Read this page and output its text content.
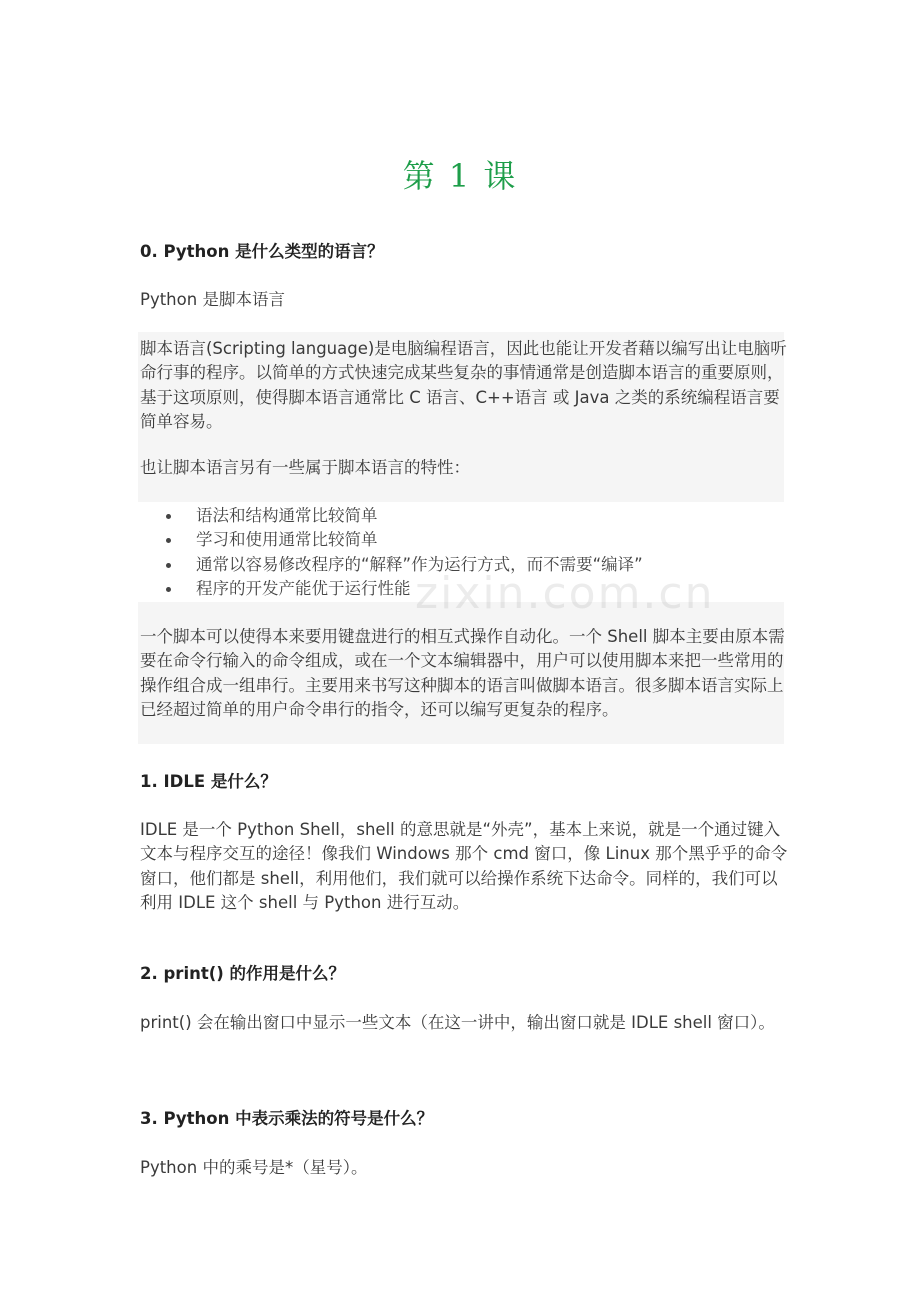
第 1 课
0. Python 是什么类型的语言？
Python 是脚本语言
脚本语言(Scripting language)是电脑编程语言，因此也能让开发者藉以编写出让电脑听命行事的程序。以简单的方式快速完成某些复杂的事情通常是创造脚本语言的重要原则，基于这项原则，使得脚本语言通常比 C 语言、C++语言 或 Java 之类的系统编程语言要简单容易。
也让脚本语言另有一些属于脚本语言的特性：
语法和结构通常比较简单
学习和使用通常比较简单
通常以容易修改程序的“解释”作为运行方式，而不需要“编译”
程序的开发产能优于运行性能
一个脚本可以使得本来要用键盘进行的相互式操作自动化。一个 Shell 脚本主要由原本需要在命令行输入的命令组成，或在一个文本编辑器中，用户可以使用脚本来把一些常用的操作组合成一组串行。主要用来书写这种脚本的语言叫做脚本语言。很多脚本语言实际上已经超过简单的用户命令串行的指令，还可以编写更复杂的程序。
1. IDLE 是什么？
IDLE 是一个 Python Shell，shell 的意思就是“外壳”，基本上来说，就是一个通过键入文本与程序交互的途径！像我们 Windows 那个 cmd 窗口，像 Linux 那个黑乎乎的命令窗口，他们都是 shell，利用他们，我们就可以给操作系统下达命令。同样的，我们可以利用 IDLE 这个 shell 与 Python 进行互动。
2. print() 的作用是什么？
print() 会在输出窗口中显示一些文本（在这一讲中，输出窗口就是 IDLE shell 窗口）。
3. Python 中表示乘法的符号是什么？
Python 中的乘号是*（星号）。
zixin.com.cn
